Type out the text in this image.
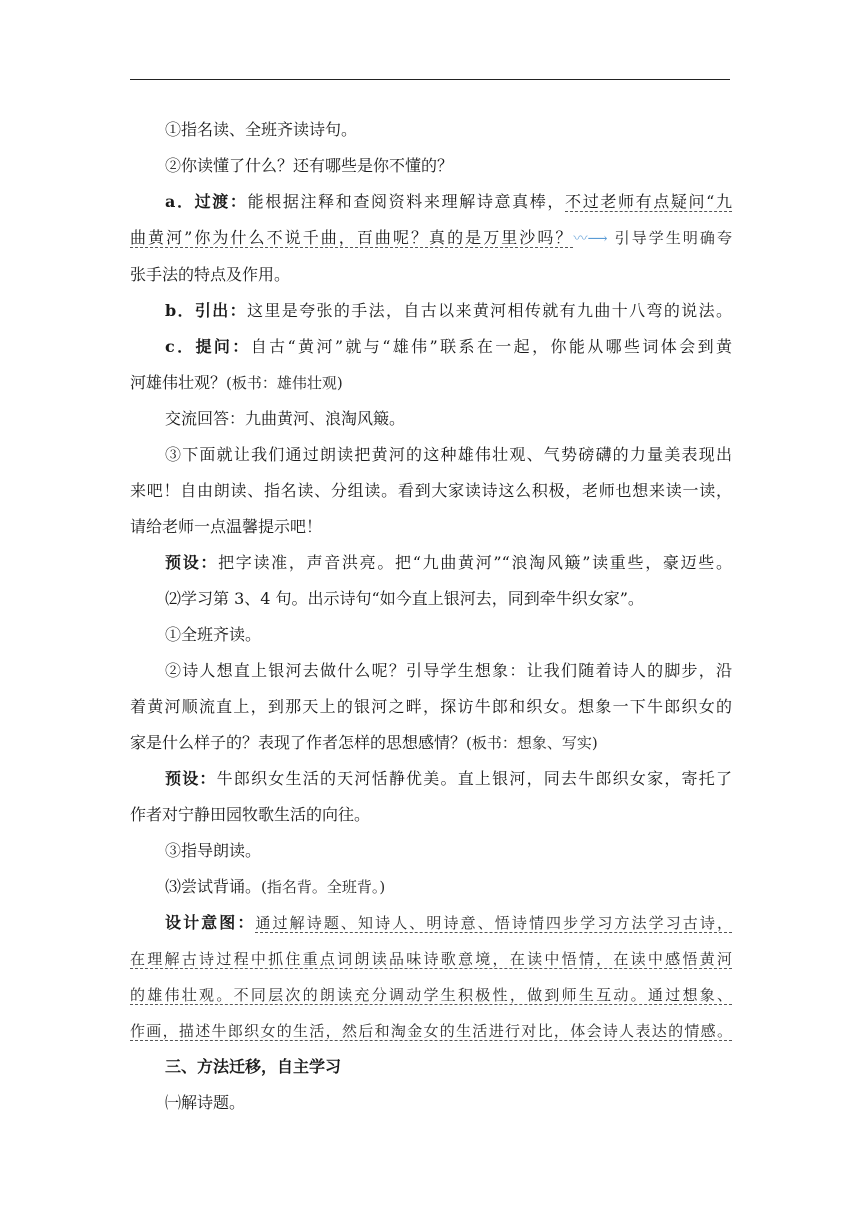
①指名读、全班齐读诗句。

②你读懂了什么？还有哪些是你不懂的？

a．过渡：能根据注释和查阅资料来理解诗意真棒，不过老师有点疑问“九

曲黄河”你为什么不说千曲，百曲呢？真的是万里沙吗？〰⟶ 引导学生明确夸

张手法的特点及作用。

b．引出：这里是夸张的手法，自古以来黄河相传就有九曲十八弯的说法。

c．提问：自古“黄河”就与“雄伟”联系在一起，你能从哪些词体会到黄

河雄伟壮观？(板书：雄伟壮观)

交流回答：九曲黄河、浪淘风簸。

③下面就让我们通过朗读把黄河的这种雄伟壮观、气势磅礴的力量美表现出

来吧！自由朗读、指名读、分组读。看到大家读诗这么积极，老师也想来读一读，

请给老师一点温馨提示吧！

预设：把字读准，声音洪亮。把“九曲黄河”“浪淘风簸”读重些，豪迈些。

⑵学习第 3、4 句。出示诗句“如今直上银河去，同到牵牛织女家”。

①全班齐读。

②诗人想直上银河去做什么呢？引导学生想象：让我们随着诗人的脚步，沿

着黄河顺流直上，到那天上的银河之畔，探访牛郎和织女。想象一下牛郎织女的

家是什么样子的？表现了作者怎样的思想感情？(板书：想象、写实)

预设：牛郎织女生活的天河恬静优美。直上银河，同去牛郎织女家，寄托了

作者对宁静田园牧歌生活的向往。

③指导朗读。

⑶尝试背诵。(指名背。全班背。)

设计意图：通过解诗题、知诗人、明诗意、悟诗情四步学习方法学习古诗，

在理解古诗过程中抓住重点词朗读品味诗歌意境，在读中悟情，在读中感悟黄河

的雄伟壮观。不同层次的朗读充分调动学生积极性，做到师生互动。通过想象、

作画，描述牛郎织女的生活，然后和淘金女的生活进行对比，体会诗人表达的情感。

三、方法迁移，自主学习

㈠解诗题。
